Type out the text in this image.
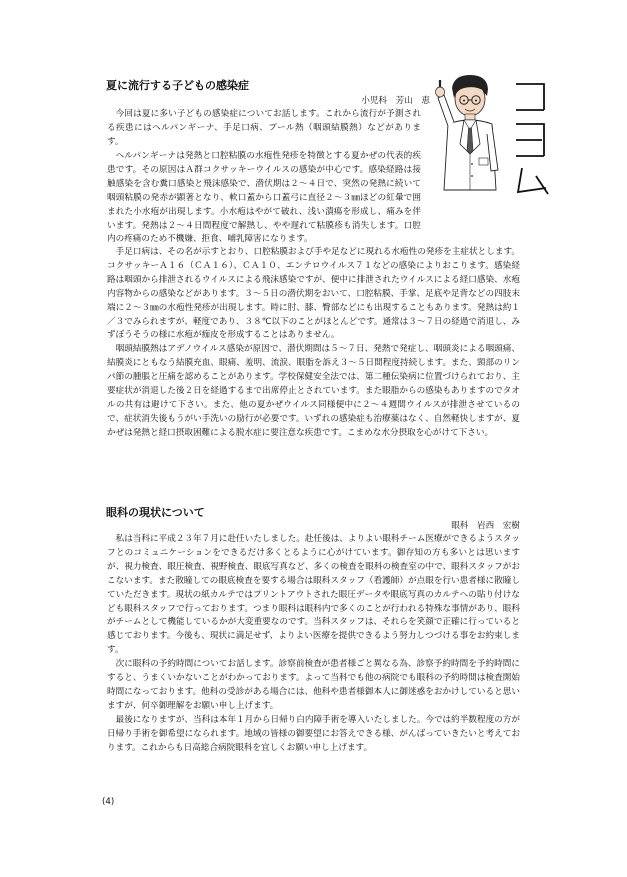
夏に流行する子どもの感染症
小児科　芳山　恵

今回は夏に多い子どもの感染症についてお話します。これから流行が予測される疾患にはヘルパンギーナ、手足口病、プール熱（咽頭結膜熱）などがあります。

ヘルパンギーナは発熱と口腔粘膜の水疱性発疹を特徴とする夏かぜの代表的疾患です。その原因はＡ群コクサッキーウイルスの感染が中心です。感染経路は接触感染を含む糞口感染と飛沫感染で、潜伏期は２～４日で、突然の発熱に続いて咽頭粘膜の発赤が顕著となり、軟口蓋から口蓋弓に直径２～３㎜ほどの紅暈で囲まれた小水疱が出現します。小水疱はやがて破れ、浅い潰瘍を形成し、痛みを伴います。発熱は２～４日間程度で解熱し、やや遅れて粘膜疹も消失します。口腔内の疼痛のため不機嫌、拒食、哺乳障害になります。

手足口病は、その名が示すとおり、口腔粘膜および手や足などに現れる水疱性の発疹を主症状とします。コクサッキーＡ１６（ＣＡ１６）、ＣＡ１０、エンテロウイルス７１などの感染によりおこります。感染経路は咽頭から排泄されるウイルスによる飛沫感染ですが、便中に排泄されたウイルスによる経口感染、水疱内容物からの感染などがあります。３～５日の潜伏期をおいて、口腔粘膜、手掌、足底や足背などの四肢末端に２～３㎜の水疱性発疹が出現します。時に肘、膝、臀部などにも出現することもあります。発熱は約１／３でみられますが、軽度であり、３８℃以下のことがほとんどです。通常は３～７日の経過で消退し、みずぼうそうの様に水疱が痂皮を形成することはありません。

咽頭結膜熱はアデノウイルス感染が原因で、潜伏期間は５～７日、発熱で発症し、咽頭炎による咽頭痛、結膜炎にともなう結膜充血、眼痛、羞明、流涙、眼脂を訴え３～５日間程度持続します。また、頸部のリンパ節の腫脹と圧痛を認めることがあります。学校保健安全法では、第二種伝染病に位置づけられており、主要症状が消退した後２日を経過するまで出席停止とされています。また眼脂からの感染もありますのでタオルの共有は避けて下さい。また、他の夏かぜウイルス同様便中に２～４週間ウイルスが排泄させているので、症状消失後もうがい手洗いの励行が必要です。いずれの感染症も治療薬はなく、自然軽快しますが、夏かぜは発熱と経口摂取困難による脱水症に要注意な疾患です。こまめな水分摂取を心がけて下さい。

眼科の現状について
眼科　岩西　宏樹

私は当科に平成２３年７月に赴任いたしました。赴任後は、よりよい眼科チーム医療ができるようスタッフとのコミュニケーションをできるだけ多くとるように心がけています。御存知の方も多いとは思いますが、視力検査、眼圧検査、視野検査、眼底写真など、多くの検査を眼科の検査室の中で、眼科スタッフがおこないます。また散瞳しての眼底検査を要する場合は眼科スタッフ（看護師）が点眼を行い患者様に散瞳していただきます。現状の紙カルテではプリントアウトされた眼圧データや眼底写真のカルテへの貼り付けなども眼科スタッフで行っております。つまり眼科は眼科内で多くのことが行われる特殊な事情があり、眼科がチームとして機能しているかが大変重要なのです。当科スタッフは、それらを笑顔で正確に行っていると感じております。今後も、現状に満足せず、よりよい医療を提供できるよう努力しつづける事をお約束します。

次に眼科の予約時間についてお話します。診察前検査が患者様ごと異なる為、診察予約時間を予約時間にすると、うまくいかないことがわかっております。よって当科でも他の病院でも眼科の予約時間は検査開始時間になっております。他科の受診がある場合には、他科や患者様御本人に御迷惑をおかけしていると思いますが、何卒御理解をお願い申し上げます。

最後になりますが、当科は本年１月から日帰り白内障手術を導入いたしました。今では約半数程度の方が日帰り手術を御希望になられます。地域の皆様の御要望にお答えできる様、がんばっていきたいと考えております。これからも日高総合病院眼科を宜しくお願い申し上げます。

(4)
